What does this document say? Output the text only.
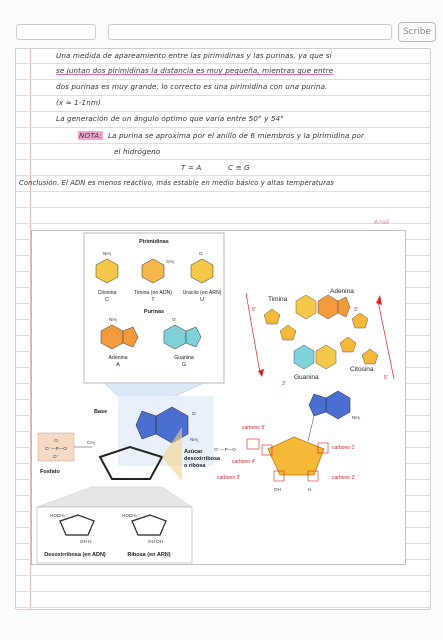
Scribe
Una medida de apareamiento entre las pirimidinas y las purinas, ya que si
se juntan dos pirimidinas la distancia es muy pequeña, mientras que entre
dos purinas es muy grande, lo correcto es una pirimidina con una purina.
(x ≈ 1-1nm)
La generación de un ángulo óptimo que varía entre 50° y 54°
NOTA: La purina se aproxima por el anillo de 6 miembros y la pirimidina por
el hidrógeno
T = A	C ≡ G
Conclusión. El ADN es menos reactivo, más estable en medio básico y altas temperaturas
Anaé
Pirimidinas
NH₂
Citosina
C
CH₃
Timina (en ADN)
T
O
Uracilo (en ARN)
U
Purinas
NH₂
Adenina
A
O
Guanina
G
O
NH₂
Base
O
O⁻—P—O
O⁻
Fosfato
CH₂
Azúcar
desoxirribosa
o ribosa
HOCH₂
OH H
HOCH₂
OH OH
Desoxirribosa (en ADN)	Ribosa (en ARN)
Timina
Adenina
Guanina
Citosina
5'	3'
3'
5'
NH₂
O⁻—P—O
OH	H
carbono 5'
carbono 4'
carbono 3'	carbono 2'
carbono 1'
